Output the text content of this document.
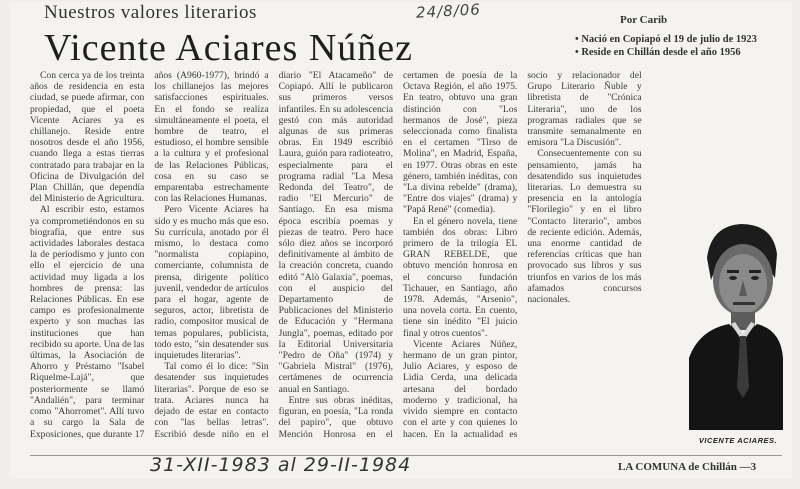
Nuestros valores literarios	24/8/06	Por Carib
Vicente Aciares Núñez
•	Nació en Copiapó el 19 de julio de 1923
• Reside en Chillán desde el año 1956

Con cerca ya de los treinta años de residencia en esta ciudad, se puede afirmar, con propiedad, que el poeta Vicente Aciares ya es chillanejo. Reside entre nosotros desde el año 1956, cuando llega a estas tierras contratado para trabajar en la Oficina de Divulgación del Plan Chillán, que dependía del Ministerio de Agricultura.

Al escribir esto, estamos ya comprometiéndonos en su biografía, que entre sus actividades laborales destaca la de periodismo y junto con ello el ejercicio de una actividad muy ligada a los hombres de prensa: las Relaciones Públicas. En ese campo es profesionalmente experto y son muchas las instituciones que han recibido su aporte. Una de las últimas, la Asociación de Ahorro y Préstamo "Isabel Riquelme-Lajá", que posteriormente se llamó "Andalién", para terminar como "Ahorromet". Allí tuvo a su cargo la Sala de Exposiciones, que durante 17 años (A960-1977), brindó a los chillanejos las mejores satisfacciones espirituales. En el fondo se realiza simultáneamente el poeta, el hombre de teatro, el estudioso, el hombre sensible a la cultura y el profesional de las Relaciones Públicas, cosa en su caso se emparentaba estrechamente con las Relaciones Humanas.

Pero Vicente Aciares ha sido y es mucho más que eso. Su currícula, anotado por él mismo, lo destaca como "normalista copiapino, comerciante, columnista de prensa, dirigente político juvenil, vendedor de artículos para el hogar, agente de seguros, actor, libretista de radio, compositor musical de temas populares, publicista, todo esto, "sin desatender sus inquietudes literarias".

Tal como él lo dice: "Sin desatender sus inquietudes literarias". Porque de eso se trata. Aciares nunca ha dejado de estar en contacto con "las bellas letras". Escribió desde niño en el diario "El Atacameño" de Copiapó. Allí le publicaron sus primeros versos infantiles. En su adolescencia gestó con más autoridad algunas de sus primeras obras. En 1949 escribió Laura, guión para radioteatro, especialmente para el programa radial "La Mesa Redonda del Teatro", de radio "El Mercurio" de Santiago. En esa misma época escribía poemas y piezas de teatro. Pero hace sólo diez años se incorporó definitivamente al ámbito de la creación concreta, cuando editó "Alò Galaxia", poemas, con el auspicio del Departamento de Publicaciones del Ministerio de Educación y "Hermana Jungla", poemas, editado por la Editorial Universitaria "Pedro de Oña" (1974) y "Gabriela Mistral" (1976), certámenes de ocurrencia anual en Santiago.

Entre sus obras inéditas, figuran, en poesía, "La ronda del papiro", que obtuvo Mención Honrosa en el certamen de poesía de la Octava Región, el año 1975. En teatro, obtuvo una gran distinción con "Los hermanos de José", pieza seleccionada como finalista en el certamen "Tirso de Molina", en Madrid, España, en 1977. Otras obras en este género, también inéditas, con "La divina rebelde" (drama), "Entre dos viajes" (drama) y "Papá René" (comedia).

En el género novela, tiene también dos obras: Libro primero de la trilogía EL GRAN REBELDE, que obtuvo mención honrosa en el concurso fundación Tichauer, en Santiago, año 1978. Además, "Arsenio", una novela corta. En cuento, tiene sin inédito "El juicio final y otros cuentos".

Vicente Aciares Núñez, hermano de un gran pintor, Julio Aciares, y esposo de Lidia Cerda, una delicada artesana del bordado moderno y tradicional, ha vivido siempre en contacto con el arte y con quienes lo hacen. En la actualidad es socio y relacionador del Grupo Literario Ñuble y libretista de "Crónica Literaria", uno de los programas radiales que se transmite semanalmente en emisora "La Discusión".

Consecuentemente con su pensamiento, jamás ha desatendido sus inquietudes literarias. Lo demuestra su presencia en la antología "Florilegio" y en el libro "Contacto literario", ambos de reciente edición. Además, una enorme cantidad de referencias críticas que han provocado sus libros y sus triunfos en varios de los más afamados concursos nacionales.

VICENTE ACIARES.
31-XII-1983 al 29-II-1984	LA COMUNA de Chillán —3
